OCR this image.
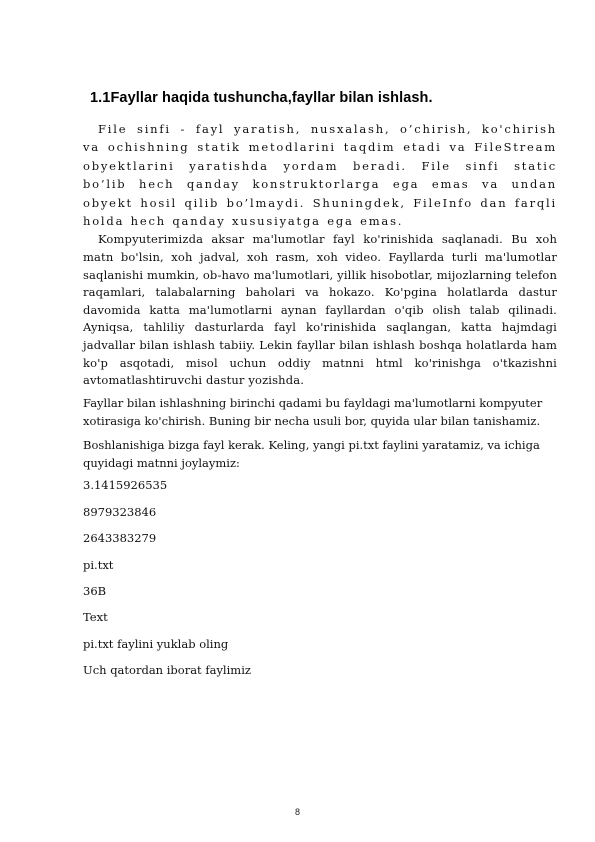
1.1Fayllar haqida tushuncha,fayllar bilan ishlash.

File sinfi - fayl yaratish, nusxalash, o’chirish, ko'chirish va ochishning statik metodlarini taqdim etadi va FileStream obyektlarini yaratishda yordam beradi. File sinfi static bo’lib hech qanday konstruktorlarga ega emas va undan obyekt hosil qilib bo’lmaydi. Shuningdek, FileInfo dan farqli holda hech qanday xususiyatga ega emas.

Kompyuterimizda aksar ma'lumotlar fayl ko'rinishida saqlanadi. Bu xoh matn bo'lsin, xoh jadval, xoh rasm, xoh video. Fayllarda turli ma'lumotlar saqlanishi mumkin, ob-havo ma'lumotlari, yillik hisobotlar, mijozlarning telefon raqamlari, talabalarning baholari va hokazo. Ko'pgina holatlarda dastur davomida katta ma'lumotlarni aynan fayllardan o'qib olish talab qilinadi. Ayniqsa, tahliliy dasturlarda fayl ko'rinishida saqlangan, katta hajmdagi jadvallar bilan ishlash tabiiy. Lekin fayllar bilan ishlash boshqa holatlarda ham ko'p asqotadi, misol uchun oddiy matnni html ko'rinishga o'tkazishni avtomatlashtiruvchi dastur yozishda.

Fayllar bilan ishlashning birinchi qadami bu fayldagi ma'lumotlarni kompyuter xotirasiga ko'chirish. Buning bir necha usuli bor, quyida ular bilan tanishamiz.

Boshlanishiga bizga fayl kerak. Keling, yangi pi.txt faylini yaratamiz, va ichiga quyidagi matnni joylaymiz:

3.1415926535

8979323846

2643383279

pi.txt

36B

Text

pi.txt faylini yuklab oling

Uch qatordan iborat faylimiz

8
